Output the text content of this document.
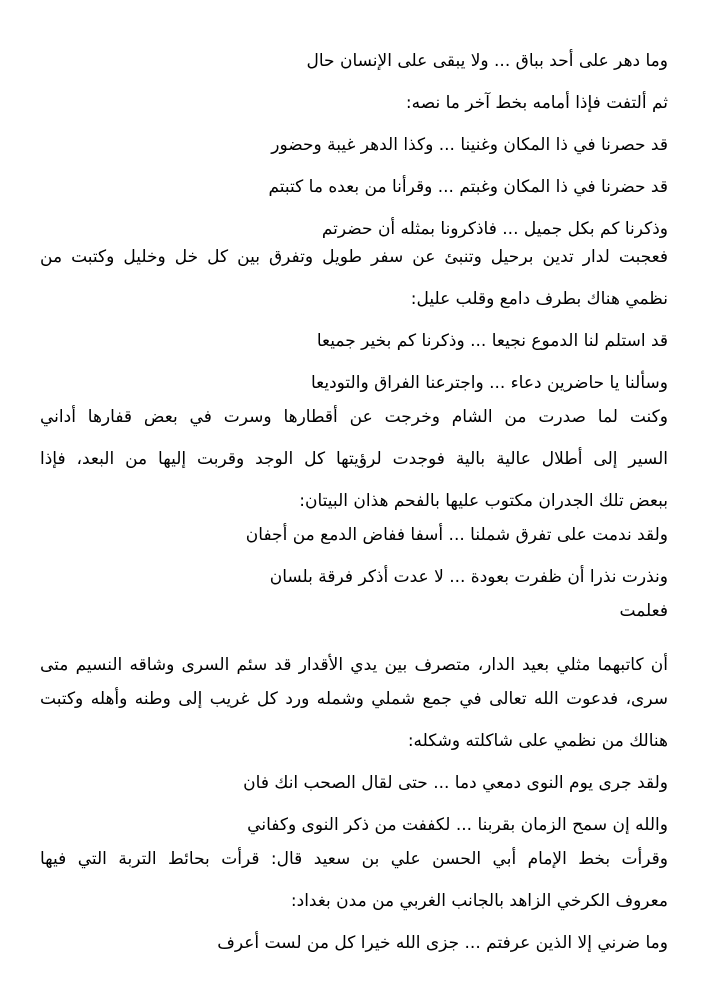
وما دهر على أحد بباق ... ولا يبقى على الإنسان حال
ثم ألتفت فإذا أمامه بخط آخر ما نصه:
قد حصرنا في ذا المكان وغنينا ... وكذا الدهر غيبة وحضور
قد حضرنا في ذا المكان وغبتم ... وقرأنا من بعده ما كتبتم
وذكرنا كم بكل جميل ... فاذكرونا بمثله أن حضرتم
فعجبت لدار تدين برحيل وتنبئ عن سفر طويل وتفرق بين كل خل وخليل وكتبت من
نظمي هناك بطرف دامع وقلب عليل:
قد استلم لنا الدموع نجيعا ... وذكرنا كم بخير جميعا
وسألنا يا حاضرين دعاء ... واجترعنا الفراق والتوديعا
وكنت لما صدرت من الشام وخرجت عن أقطارها وسرت في بعض قفارها أداني
السير إلى أطلال عالية بالية فوجدت لرؤيتها كل الوجد وقربت إليها من البعد، فإذا
ببعض تلك الجدران مكتوب عليها بالفحم هذان البيتان:
ولقد ندمت على تفرق شملنا ... أسفا ففاض الدمع من أجفان
ونذرت نذرا أن ظفرت بعودة ... لا عدت أذكر فرقة بلسان
فعلمت
أن كاتبهما مثلي بعيد الدار، متصرف بين يدي الأقدار قد سئم السرى وشاقه النسيم متى
سرى، فدعوت الله تعالى في جمع شملي وشمله ورد كل غريب إلى وطنه وأهله وكتبت
هنالك من نظمي على شاكلته وشكله:
ولقد جرى يوم النوى دمعي دما ... حتى لقال الصحب انك فان
والله إن سمح الزمان بقربنا ... لكففت من ذكر النوى وكفاني
وقرأت بخط الإمام أبي الحسن علي بن سعيد قال: قرأت بحائط التربة التي فيها
معروف الكرخي الزاهد بالجانب الغربي من مدن بغداد:
وما ضرني إلا الذين عرفتم ... جزى الله خيرا كل من لست أعرف
